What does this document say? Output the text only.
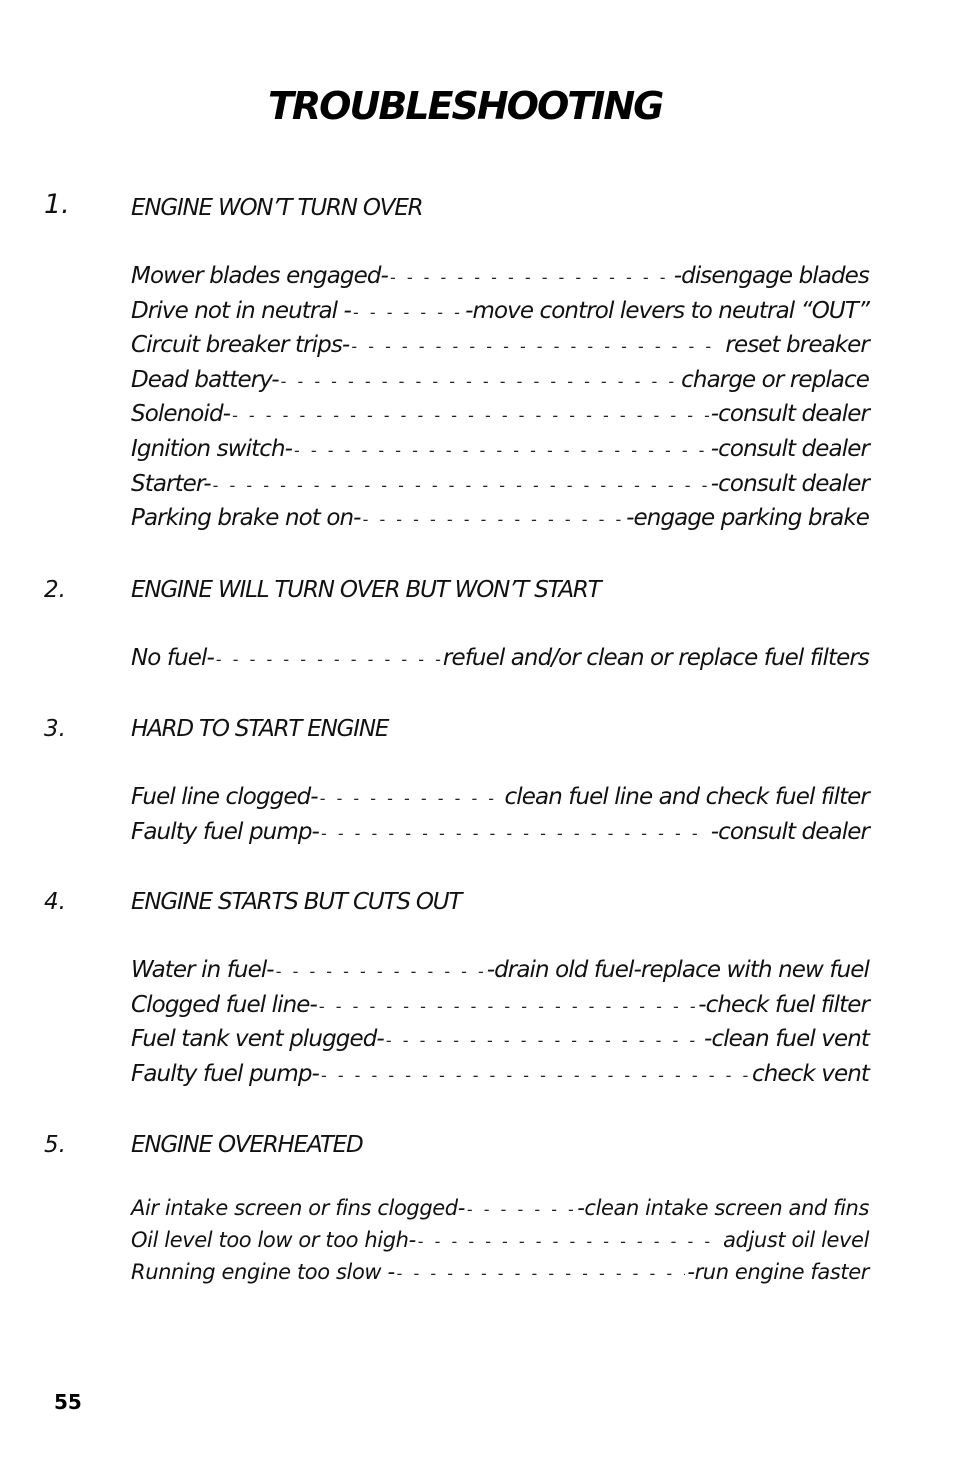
TROUBLESHOOTING
1.	ENGINE WON’T TURN OVER
Mower blades engaged- - - -	-disengage blades
Drive not in neutral - - - -	-move control levers to neutral “OUT”
Circuit breaker trips- - - -	reset breaker
Dead battery- - - -	charge or replace
Solenoid- - - -	-consult dealer
Ignition switch- - - -	-consult dealer
Starter- - - -	-consult dealer
Parking brake not on- - - -	-engage parking brake
2.	ENGINE WILL TURN OVER BUT WON’T START
No fuel- - - -	refuel and/or clean or replace fuel filters
3.	HARD TO START ENGINE
Fuel line clogged- - - -	clean fuel line and check fuel filter
Faulty fuel pump- - - -	-consult dealer
4.	ENGINE STARTS BUT CUTS OUT
Water in fuel- - - -	-drain old fuel-replace with new fuel
Clogged fuel line- - - -	-check fuel filter
Fuel tank vent plugged- - - -	-clean fuel vent
Faulty fuel pump- - - -	check vent
5.	ENGINE OVERHEATED
Air intake screen or fins clogged- - - -	-clean intake screen and fins
Oil level too low or too high- - - -	adjust oil level
Running engine too slow - - - -	-run engine faster
55
